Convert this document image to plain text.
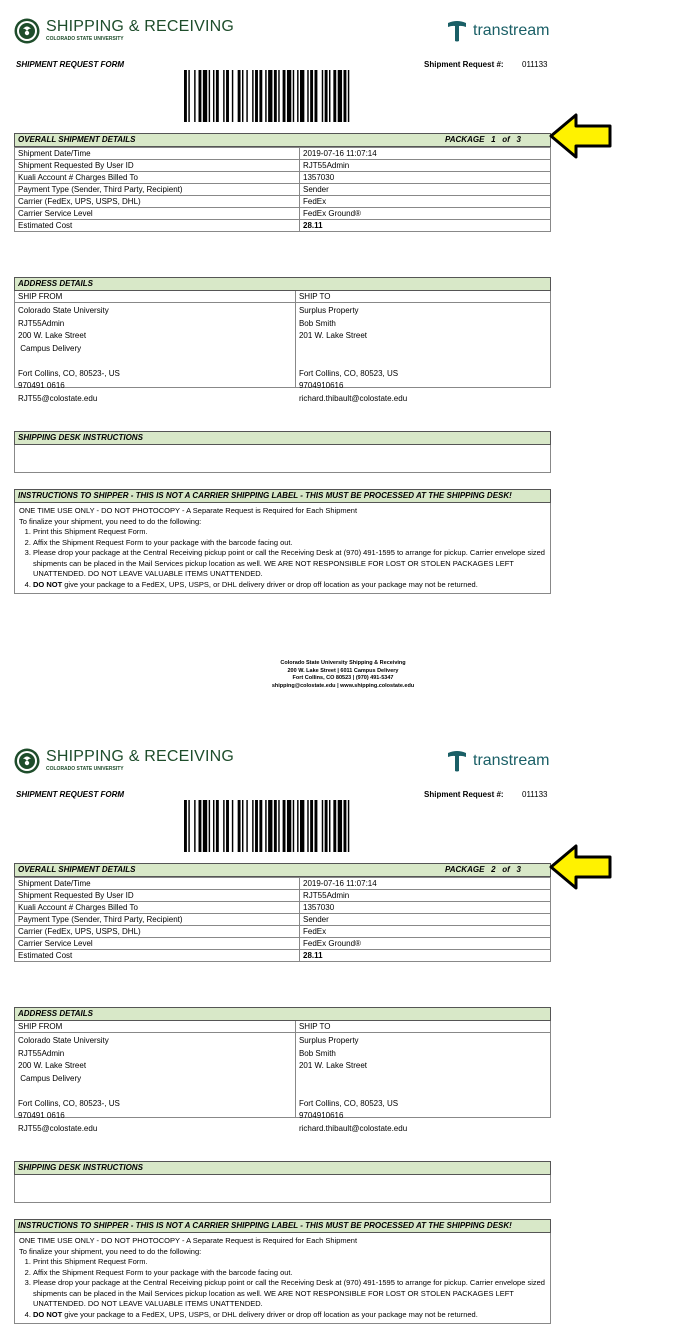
SHIPPING & RECEIVING
COLORADO STATE UNIVERSITY	transtream
SHIPMENT REQUEST FORM	Shipment Request #: 011133
OVERALL SHIPMENT DETAILS	PACKAGE 1 of 3
Shipment Date/Time	2019-07-16 11:07:14
Shipment Requested By User ID	RJT55Admin
Kuali Account # Charges Billed To	1357030
Payment Type (Sender, Third Party, Recipient)	Sender
Carrier (FedEx, UPS, USPS, DHL)	FedEx
Carrier Service Level	FedEx Ground®
Estimated Cost	28.11
ADDRESS DETAILS
SHIP FROM
Colorado State University
RJT55Admin
200 W. Lake Street
Campus Delivery
Fort Collins, CO, 80523-, US
970491 0616
RJT55@colostate.edu
SHIP TO
Surplus Property
Bob Smith
201 W. Lake Street
Fort Collins, CO, 80523, US
9704910616
richard.thibault@colostate.edu
SHIPPING DESK INSTRUCTIONS
INSTRUCTIONS TO SHIPPER - THIS IS NOT A CARRIER SHIPPING LABEL - THIS MUST BE PROCESSED AT THE SHIPPING DESK!
ONE TIME USE ONLY - DO NOT PHOTOCOPY - A Separate Request is Required for Each Shipment
To finalize your shipment, you need to do the following:
1. Print this Shipment Request Form.
2. Affix the Shipment Request Form to your package with the barcode facing out.
3. Please drop your package at the Central Receiving pickup point or call the Receiving Desk at (970) 491-1595 to arrange for pickup. Carrier envelope sized shipments can be placed in the Mail Services pickup location as well. WE ARE NOT RESPONSIBLE FOR LOST OR STOLEN PACKAGES LEFT UNATTENDED. DO NOT LEAVE VALUABLE ITEMS UNATTENDED.
4. DO NOT give your package to a FedEX, UPS, USPS, or DHL delivery driver or drop off location as your package may not be returned.
Colorado State University Shipping & Receiving
200 W. Lake Street | 6011 Campus Delivery
Fort Collins, CO 80523 | (970) 491-5347
shipping@colostate.edu | www.shipping.colostate.edu
SHIPPING & RECEIVING
COLORADO STATE UNIVERSITY	transtream
SHIPMENT REQUEST FORM	Shipment Request #: 011133
OVERALL SHIPMENT DETAILS	PACKAGE 2 of 3
Shipment Date/Time	2019-07-16 11:07:14
Shipment Requested By User ID	RJT55Admin
Kuali Account # Charges Billed To	1357030
Payment Type (Sender, Third Party, Recipient)	Sender
Carrier (FedEx, UPS, USPS, DHL)	FedEx
Carrier Service Level	FedEx Ground®
Estimated Cost	28.11
ADDRESS DETAILS
SHIP FROM
Colorado State University
RJT55Admin
200 W. Lake Street
Campus Delivery
Fort Collins, CO, 80523-, US
970491 0616
RJT55@colostate.edu
SHIP TO
Surplus Property
Bob Smith
201 W. Lake Street
Fort Collins, CO, 80523, US
9704910616
richard.thibault@colostate.edu
SHIPPING DESK INSTRUCTIONS
INSTRUCTIONS TO SHIPPER - THIS IS NOT A CARRIER SHIPPING LABEL - THIS MUST BE PROCESSED AT THE SHIPPING DESK!
ONE TIME USE ONLY - DO NOT PHOTOCOPY - A Separate Request is Required for Each Shipment
To finalize your shipment, you need to do the following:
1. Print this Shipment Request Form.
2. Affix the Shipment Request Form to your package with the barcode facing out.
3. Please drop your package at the Central Receiving pickup point or call the Receiving Desk at (970) 491-1595 to arrange for pickup. Carrier envelope sized shipments can be placed in the Mail Services pickup location as well. WE ARE NOT RESPONSIBLE FOR LOST OR STOLEN PACKAGES LEFT UNATTENDED. DO NOT LEAVE VALUABLE ITEMS UNATTENDED.
4. DO NOT give your package to a FedEX, UPS, USPS, or DHL delivery driver or drop off location as your package may not be returned.
